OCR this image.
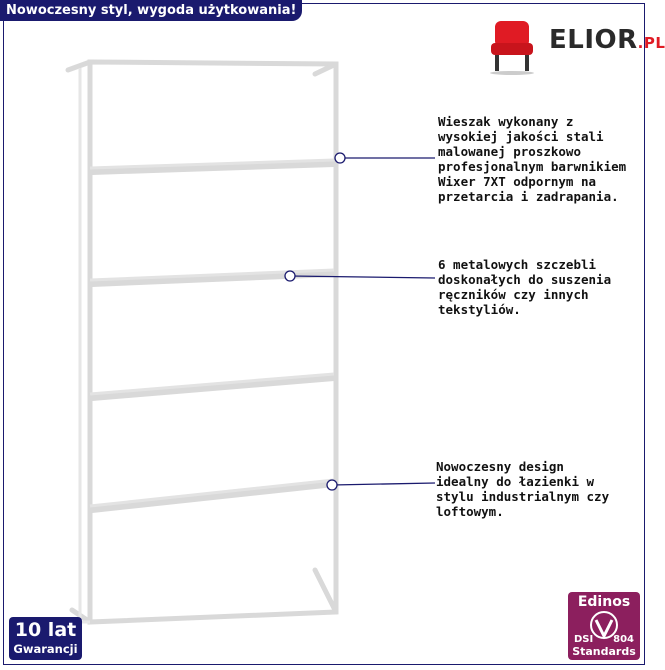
Nowoczesny styl, wygoda użytkowania!
ELIOR.PL
Wieszak wykonany z
wysokiej jakości stali
malowanej proszkowo
profesjonalnym barwnikiem
Wixer 7XT odpornym na
przetarcia i zadrapania.
6 metalowych szczebli
doskonałych do suszenia
ręczników czy innych
tekstyliów.
Nowoczesny design
idealny do łazienki w
stylu industrialnym czy
loftowym.
10 lat
Gwarancji
Edinos
DSI 804
Standards
